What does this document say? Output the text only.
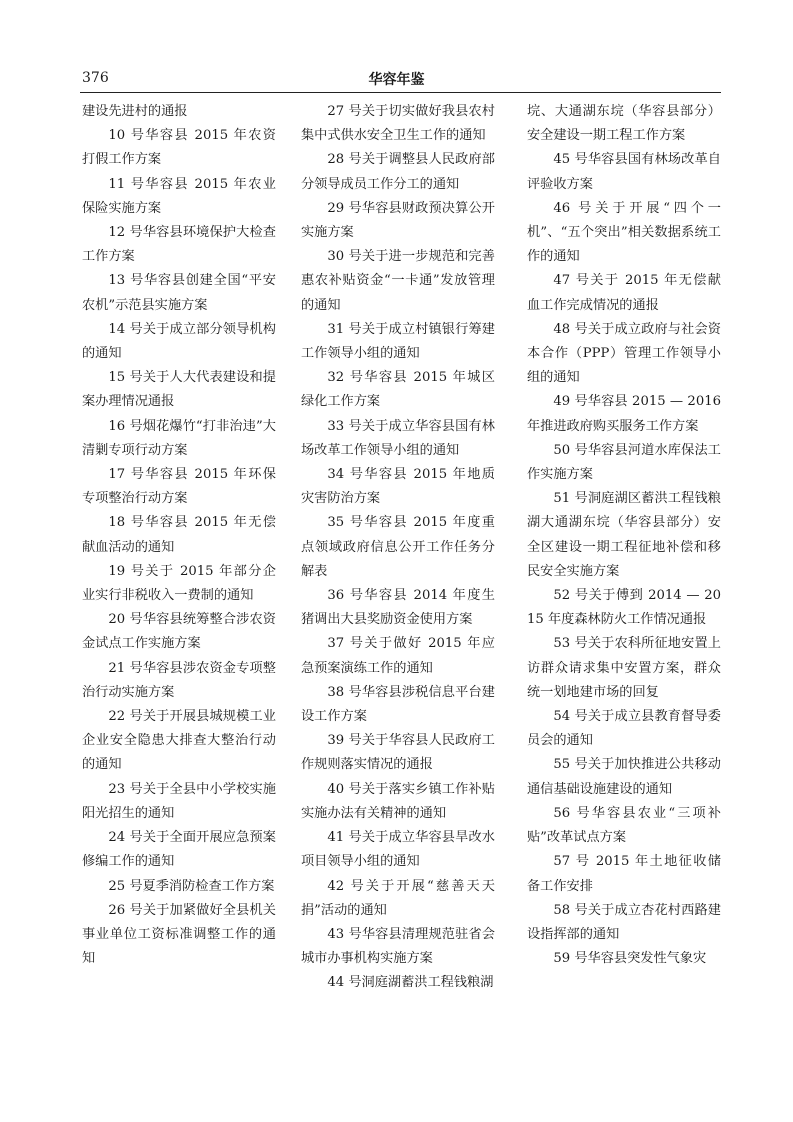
376	华容年鉴

建设先进村的通报

10 号华容县 2015 年农资打假工作方案

11 号华容县 2015 年农业保险实施方案

12 号华容县环境保护大检查工作方案

13 号华容县创建全国“平安农机”示范县实施方案

14 号关于成立部分领导机构的通知

15 号关于人大代表建设和提案办理情况通报

16 号烟花爆竹“打非治违”大清剿专项行动方案

17 号华容县 2015 年环保专项整治行动方案

18 号华容县 2015 年无偿献血活动的通知

19 号关于 2015 年部分企业实行非税收入一费制的通知

20 号华容县统筹整合涉农资金试点工作实施方案

21 号华容县涉农资金专项整治行动实施方案

22 号关于开展县城规模工业企业安全隐患大排查大整治行动的通知

23 号关于全县中小学校实施阳光招生的通知

24 号关于全面开展应急预案修编工作的通知

25 号夏季消防检查工作方案

26 号关于加紧做好全县机关事业单位工资标准调整工作的通知

27 号关于切实做好我县农村集中式供水安全卫生工作的通知

28 号关于调整县人民政府部分领导成员工作分工的通知

29 号华容县财政预决算公开实施方案

30 号关于进一步规范和完善惠农补贴资金“一卡通”发放管理的通知

31 号关于成立村镇银行筹建工作领导小组的通知

32 号华容县 2015 年城区绿化工作方案

33 号关于成立华容县国有林场改革工作领导小组的通知

34 号华容县 2015 年地质灾害防治方案

35 号华容县 2015 年度重点领域政府信息公开工作任务分解表

36 号华容县 2014 年度生猪调出大县奖励资金使用方案

37 号关于做好 2015 年应急预案演练工作的通知

38 号华容县涉税信息平台建设工作方案

39 号关于华容县人民政府工作规则落实情况的通报

40 号关于落实乡镇工作补贴实施办法有关精神的通知

41 号关于成立华容县旱改水项目领导小组的通知

42 号关于开展“慈善天天捐”活动的通知

43 号华容县清理规范驻省会城市办事机构实施方案

44 号洞庭湖蓄洪工程钱粮湖

垸、大通湖东垸（华容县部分）安全建设一期工程工作方案

45 号华容县国有林场改革自评验收方案

46 号关于开展“四个一机”、“五个突出”相关数据系统工作的通知

47 号关于 2015 年无偿献血工作完成情况的通报

48 号关于成立政府与社会资本合作（PPP）管理工作领导小组的通知

49 号华容县 2015 — 2016 年推进政府购买服务工作方案

50 号华容县河道水库保法工作实施方案

51 号洞庭湖区蓄洪工程钱粮湖大通湖东垸（华容县部分）安全区建设一期工程征地补偿和移民安全实施方案

52 号关于傅到 2014 — 2015 年度森林防火工作情况通报

53 号关于农科所征地安置上访群众请求集中安置方案，群众统一划地建市场的回复

54 号关于成立县教育督导委员会的通知

55 号关于加快推进公共移动通信基础设施建设的通知

56 号华容县农业“三项补贴”改革试点方案

57 号 2015 年土地征收储备工作安排

58 号关于成立杏花村西路建设指挥部的通知

59 号华容县突发性气象灾
